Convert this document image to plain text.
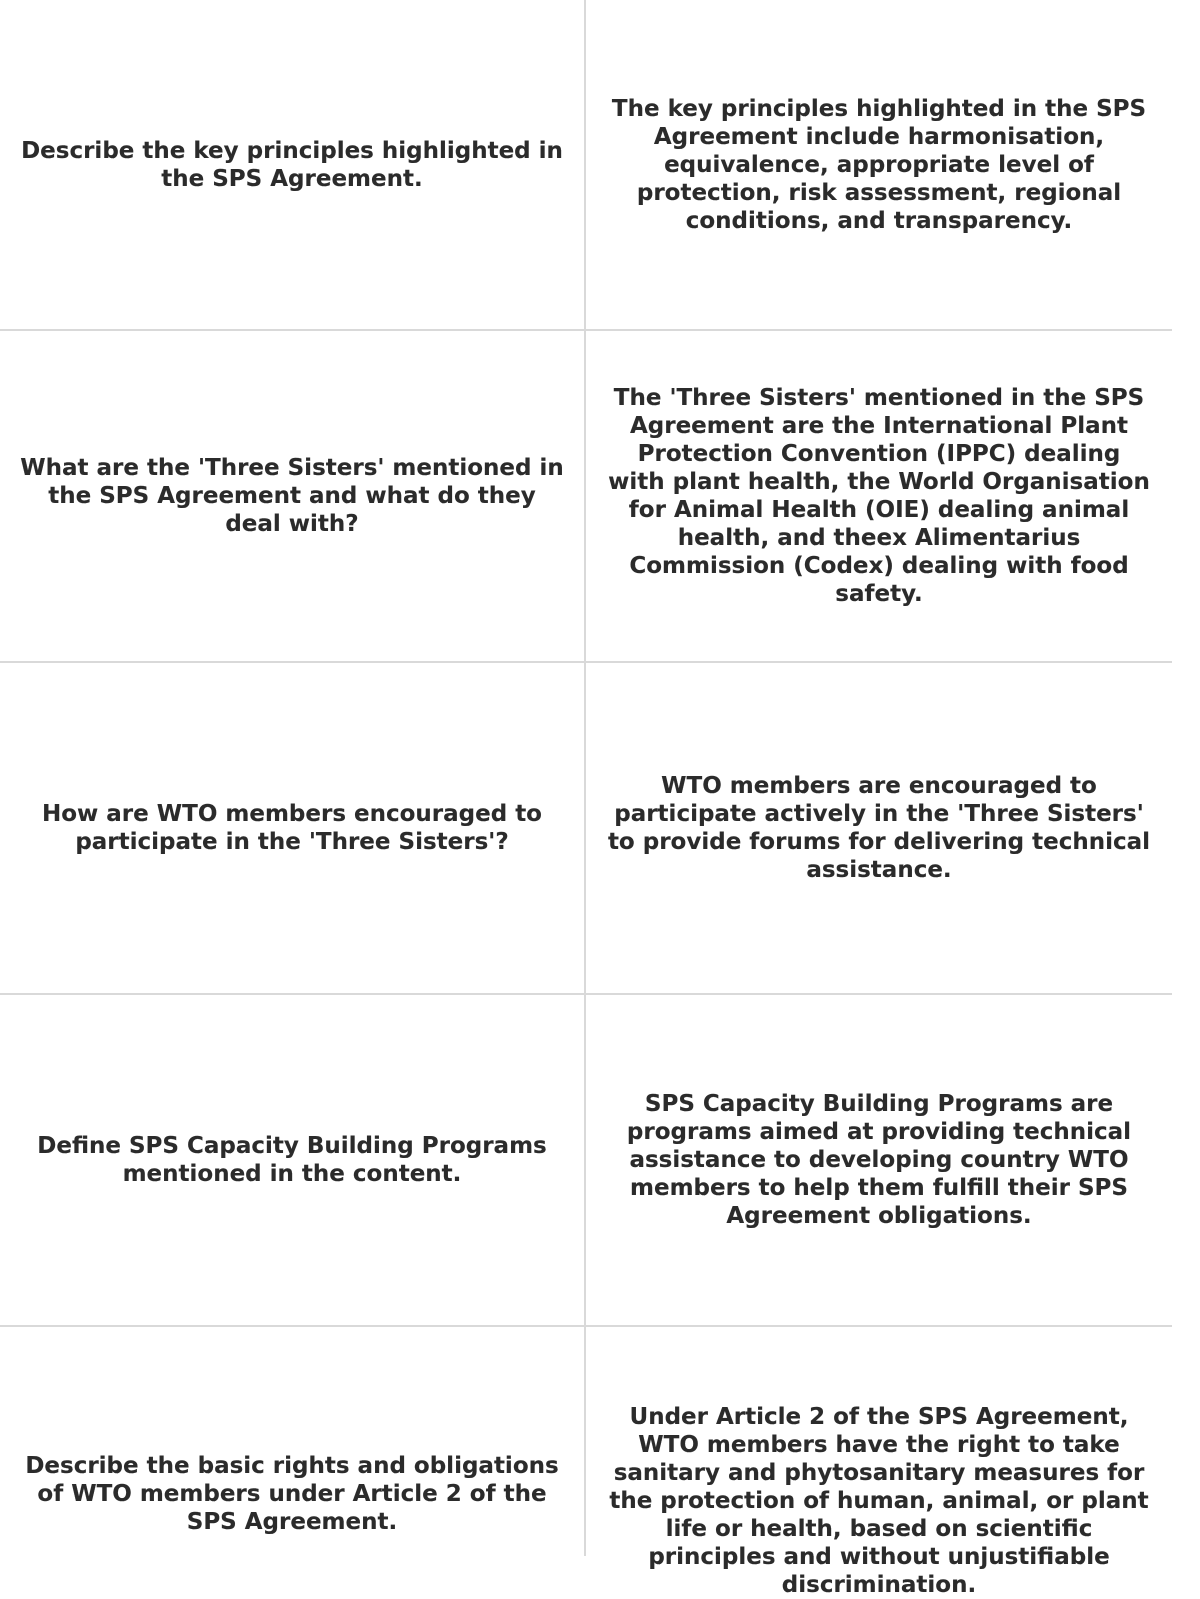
Describe the key principles highlighted in the SPS Agreement.
The key principles highlighted in the SPS Agreement include harmonisation, equivalence, appropriate level of protection, risk assessment, regional conditions, and transparency.
What are the 'Three Sisters' mentioned in the SPS Agreement and what do they deal with?
The 'Three Sisters' mentioned in the SPS Agreement are the International Plant Protection Convention (IPPC) dealing with plant health, the World Organisation for Animal Health (OIE) dealing animal health, and theex Alimentarius Commission (Codex) dealing with food safety.
How are WTO members encouraged to participate in the 'Three Sisters'?
WTO members are encouraged to participate actively in the 'Three Sisters' to provide forums for delivering technical assistance.
Define SPS Capacity Building Programs mentioned in the content.
SPS Capacity Building Programs are programs aimed at providing technical assistance to developing country WTO members to help them fulfill their SPS Agreement obligations.
Describe the basic rights and obligations of WTO members under Article 2 of the SPS Agreement.
Under Article 2 of the SPS Agreement, WTO members have the right to take sanitary and phytosanitary measures for the protection of human, animal, or plant life or health, based on scientific principles and without unjustifiable discrimination.
